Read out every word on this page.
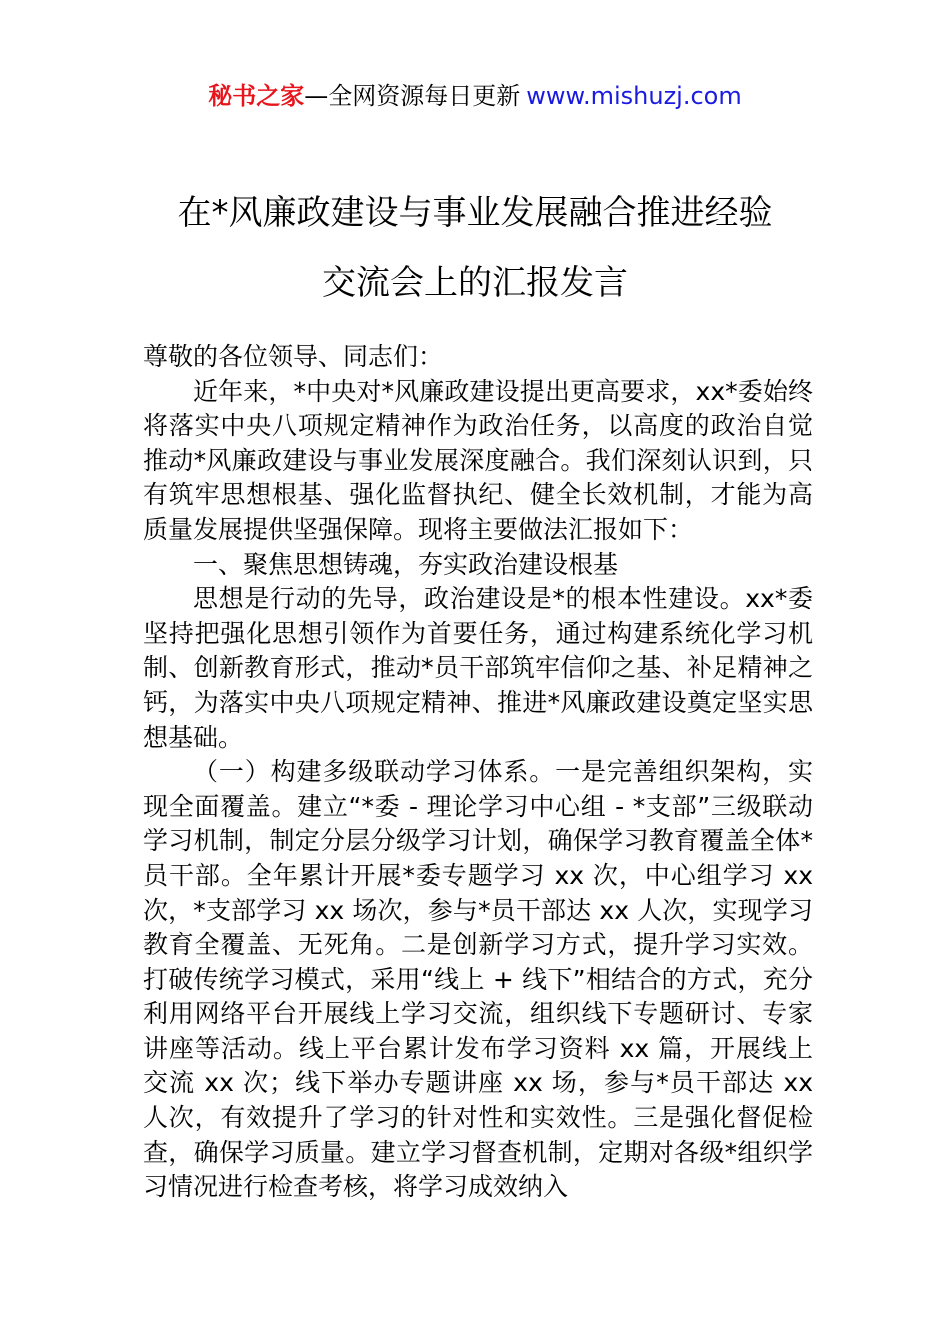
秘书之家—全网资源每日更新 www.mishuzj.com
在*风廉政建设与事业发展融合推进经验
交流会上的汇报发言

尊敬的各位领导、同志们：

近年来，*中央对*风廉政建设提出更高要求，xx*委始终将落实中央八项规定精神作为政治任务，以高度的政治自觉推动*风廉政建设与事业发展深度融合。我们深刻认识到，只有筑牢思想根基、强化监督执纪、健全长效机制，才能为高质量发展提供坚强保障。现将主要做法汇报如下：

一、聚焦思想铸魂，夯实政治建设根基

思想是行动的先导，政治建设是*的根本性建设。xx*委坚持把强化思想引领作为首要任务，通过构建系统化学习机制、创新教育形式，推动*员干部筑牢信仰之基、补足精神之钙，为落实中央八项规定精神、推进*风廉政建设奠定坚实思想基础。

（一）构建多级联动学习体系。一是完善组织架构，实现全面覆盖。建立“*委 - 理论学习中心组 - *支部”三级联动学习机制，制定分层分级学习计划，确保学习教育覆盖全体*员干部。全年累计开展*委专题学习 xx 次，中心组学习 xx 次，*支部学习 xx 场次，参与*员干部达 xx 人次，实现学习教育全覆盖、无死角。二是创新学习方式，提升学习实效。打破传统学习模式，采用“线上 + 线下”相结合的方式，充分利用网络平台开展线上学习交流，组织线下专题研讨、专家讲座等活动。线上平台累计发布学习资料 xx 篇，开展线上交流 xx 次；线下举办专题讲座 xx 场，参与*员干部达 xx 人次，有效提升了学习的针对性和实效性。三是强化督促检查，确保学习质量。建立学习督查机制，定期对各级*组织学习情况进行检查考核，将学习成效纳入
